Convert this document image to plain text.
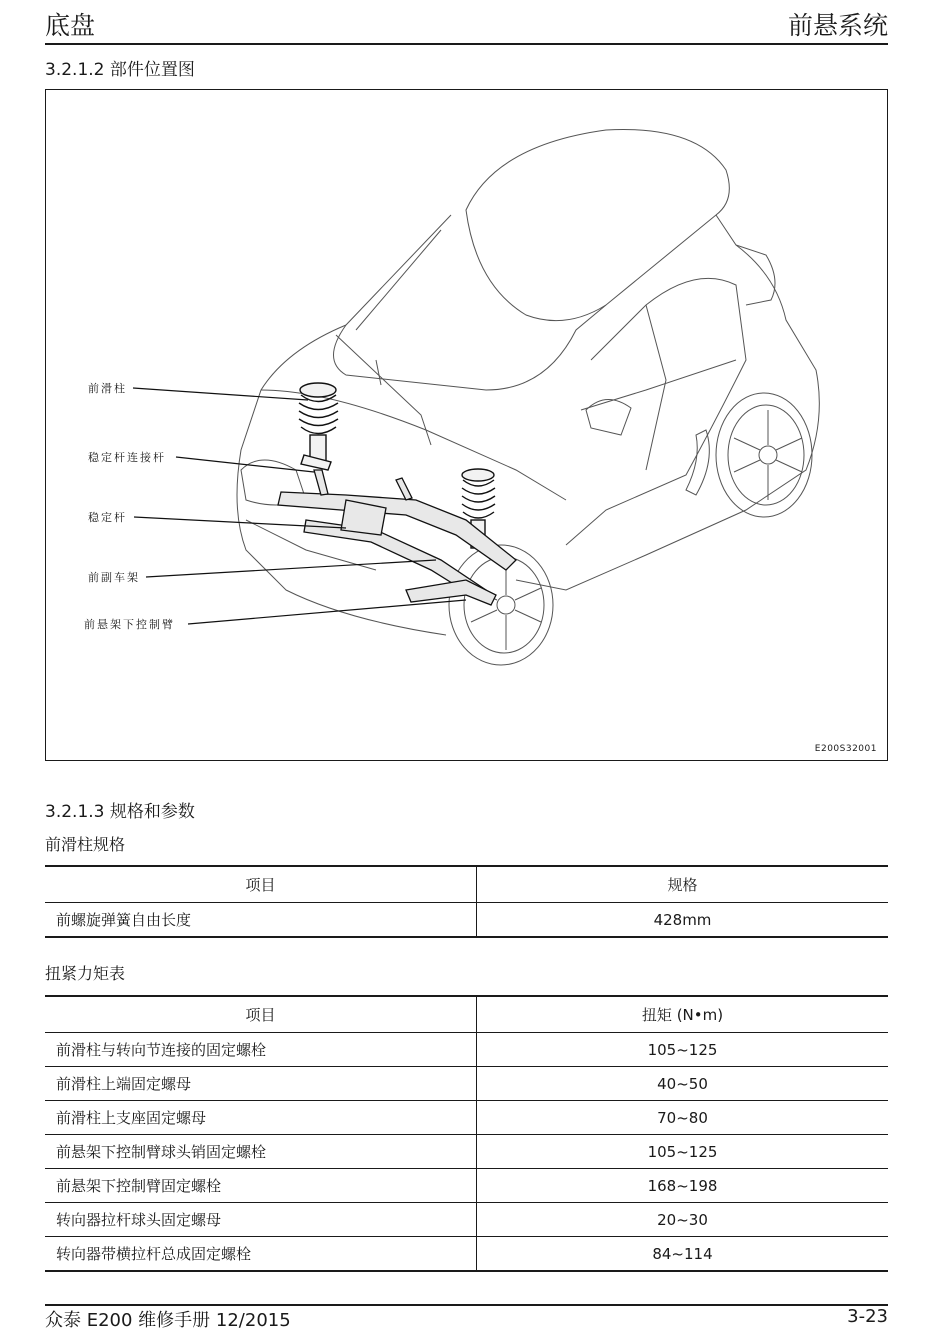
底盘	前悬系统
3.2.1.2 部件位置图
前滑柱
稳定杆连接杆
稳定杆
前副车架
前悬架下控制臂
E200S32001
3.2.1.3 规格和参数
前滑柱规格
项目	规格
前螺旋弹簧自由长度	428mm
扭紧力矩表
项目	扭矩 (N•m)
前滑柱与转向节连接的固定螺栓	105~125
前滑柱上端固定螺母	40~50
前滑柱上支座固定螺母	70~80
前悬架下控制臂球头销固定螺栓	105~125
前悬架下控制臂固定螺栓	168~198
转向器拉杆球头固定螺母	20~30
转向器带横拉杆总成固定螺栓	84~114
众泰 E200 维修手册 12/2015	3-23
